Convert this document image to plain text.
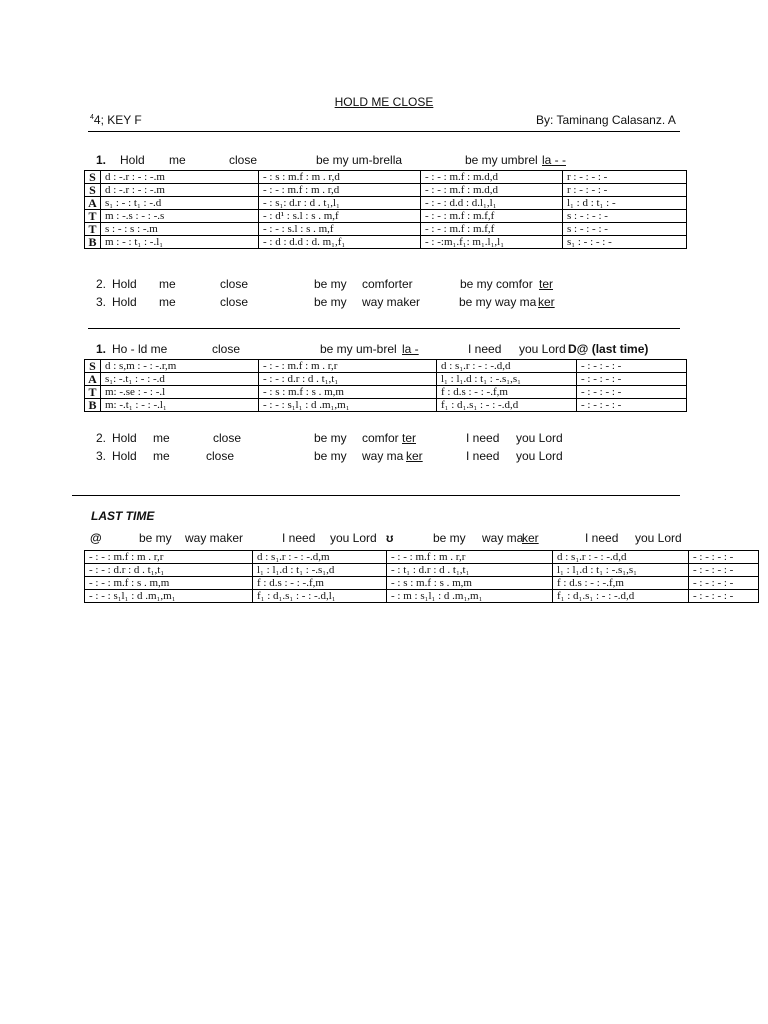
HOLD ME CLOSE
$^4$4; KEY F	By: Taminang Calasanz. A
1. Hold me	close	be my um-brella	be my umbrel la - -
S	d : -.r : - : -.m	- : s : m.f : m . r,d	- : - : m.f : m.d,d	r : - : - : -
S	d : -.r : - : -.m	- : - : m.f : m . r,d	- : - : m.f : m.d,d	r : - : - : -
A	s₁ : - : t₁ : -.d	- : s₁: d.r : d . t₁,l₁	- : - : d.d : d.l₁,l₁	l₁ : d : t₁ : -
T	m : -.s : - : -.s	- : d¹ : s.l : s . m,f	- : - : m.f : m.f,f	s : - : - : -
T	s : - : s : -.m	- : - : s.l : s . m,f	- : - : m.f : m.f,f	s : - : - : -
B	m : - : t₁ : -.l₁	- : d : d.d : d. m₁,f₁	- : -:m₁.f₁: m₁.l₁,l₁	s₁ : - : - : -
2. Hold me	close	be my comforter	be my comfor ter
3. Hold me	close	be my way maker	be my way ma ker
1. Ho - ld me	close	be my um-brel la -	I need you Lord D@ (last time)
S	d : s,m : - : -.r,m	- : - : m.f : m . r,r	d : s₁.r : - : -.d,d	- : - : - : -
A	s₁: -.t₁ : - : -.d	- : - : d.r : d . t₁,t₁	l₁ : l₁.d : t₁ : -.s₁,s₁	- : - : - : -
T	m: -.se : - : -.l	- : s : m.f : s . m,m	f : d.s : - : -.f,m	- : - : - : -
B	m: -.t₁ : - : -.l₁	- : - : s₁l₁ : d .m₁,m₁	f₁ : d₁.s₁ : - : -.d,d	- : - : - : -
2. Hold me	close	be my comfor ter	I need you Lord
3. Hold me	close	be my way ma ker	I need you Lord
LAST TIME
@	be my way maker	I need you Lord ʊ	be my way ma
ker	I need you Lord
- : - : m.f : m . r,r	d : s₁.r : - : -.d,m	- : - : m.f : m . r,r	d : s₁.r : - : -.d,d	- : - : - : -
- : - : d.r : d . t₁,t₁	l₁ : l₁.d : t₁ : -.s₁,d	- : t₁ : d.r : d . t₁,t₁	l₁ : l₁.d : t₁ : -.s₁,s₁	- : - : - : -
- : - : m.f : s . m,m	f : d.s : - : -.f,m	- : s : m.f : s . m,m	f : d.s : - : -.f,m	- : - : - : -
- : - : s₁l₁ : d .m₁,m₁	f₁ : d₁.s₁ : - : -.d,l₁	- : m : s₁l₁ : d .m₁,m₁	f₁ : d₁.s₁ : - : -.d,d	- : - : - : -
